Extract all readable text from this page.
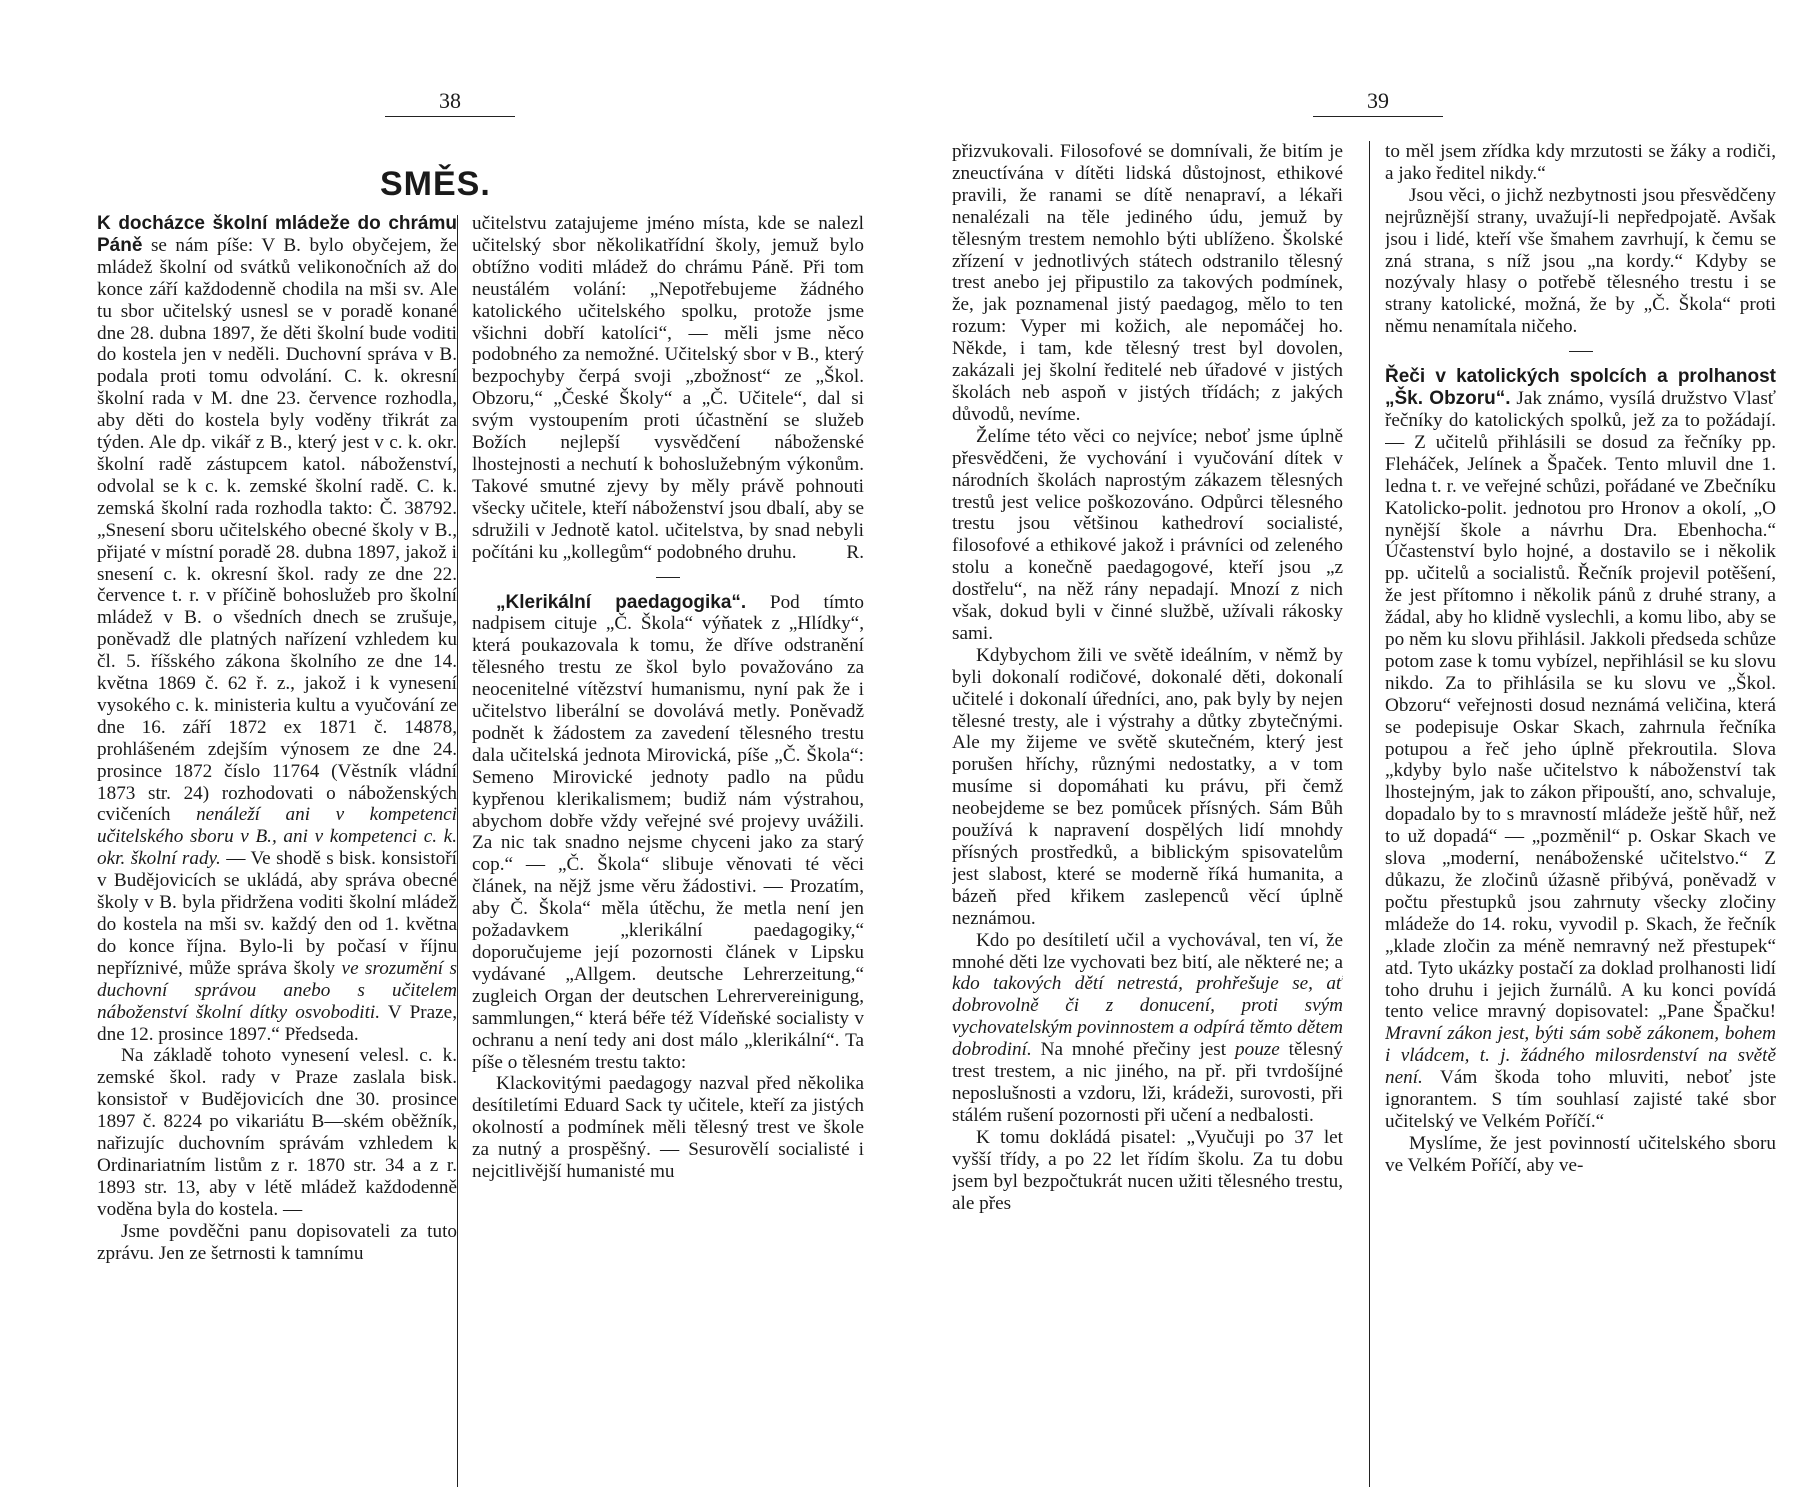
38
SMĚS.

K docházce školní mládeže do chrámu Páně se nám píše: V B. bylo obyčejem, že mládež školní od svátků velikonočních až do konce září každodenně chodila na mši sv. Ale tu sbor učitelský usnesl se v poradě konané dne 28. dubna 1897, že děti školní bude voditi do kostela jen v neděli. Duchovní správa v B. podala proti tomu odvolání. C. k. okresní školní rada v M. dne 23. července rozhodla, aby děti do kostela byly voděny třikrát za týden. Ale dp. vikář z B., který jest v c. k. okr. školní radě zástupcem katol. náboženství, odvolal se k c. k. zemské školní radě. C. k. zemská školní rada rozhodla takto: Č. 38792. „Snesení sboru učitelského obecné školy v B., přijaté v místní poradě 28. dubna 1897, jakož i snesení c. k. okresní škol. rady ze dne 22. července t. r. v příčině bohoslužeb pro školní mládež v B. o všedních dnech se zrušuje, poněvadž dle platných nařízení vzhledem ku čl. 5. říšského zákona školního ze dne 14. května 1869 č. 62 ř. z., jakož i k vynesení vysokého c. k. ministeria kultu a vyučování ze dne 16. září 1872 ex 1871 č. 14878, prohlášeném zdejším výnosem ze dne 24. prosince 1872 číslo 11764 (Věstník vládní 1873 str. 24) rozhodovati o náboženských cvičeních nenáleží ani v kompetenci učitelského sboru v B., ani v kompetenci c. k. okr. školní rady. — Ve shodě s bisk. konsistoří v Budějovicích se ukládá, aby správa obecné školy v B. byla přidržena voditi školní mládež do kostela na mši sv. každý den od 1. května do konce října. Bylo-li by počasí v říjnu nepříznivé, může správa školy ve srozumění s duchovní správou anebo s učitelem náboženství školní dítky osvoboditi. V Praze, dne 12. prosince 1897.“ Předseda.

Na základě tohoto vynesení velesl. c. k. zemské škol. rady v Praze zaslala bisk. konsistoř v Budějovicích dne 30. prosince 1897 č. 8224 po vikariátu B—ském oběžník, nařizujíc duchovním správám vzhledem k Ordinariatním listům z r. 1870 str. 34 a z r. 1893 str. 13, aby v létě mládež každodenně voděna byla do kostela. —

Jsme povděčni panu dopisovateli za tuto zprávu. Jen ze šetrnosti k tamnímu

učitelstvu zatajujeme jméno místa, kde se nalezl učitelský sbor několikatřídní školy, jemuž bylo obtížno voditi mládež do chrámu Páně. Při tom neustálém volání: „Nepotřebujeme žádného katolického učitelského spolku, protože jsme všichni dobří katolíci“, — měli jsme něco podobného za nemožné. Učitelský sbor v B., který bezpochyby čerpá svoji „zbožnost“ ze „Škol. Obzoru,“ „České Školy“ a „Č. Učitele“, dal si svým vystoupením proti účastnění se služeb Božích nejlepší vysvědčení náboženské lhostejnosti a nechutí k bohoslužebným výkonům. Takové smutné zjevy by měly právě pohnouti všecky učitele, kteří náboženství jsou dbalí, aby se sdružili v Jednotě katol. učitelstva, by snad nebyli počítáni ku „kollegům“ podobného druhu.	R.

„Klerikální paedagogika“. Pod tímto nadpisem cituje „Č. Škola“ výňatek z „Hlídky“, která poukazovala k tomu, že dříve odstranění tělesného trestu ze škol bylo považováno za neocenitelné vítězství humanismu, nyní pak že i učitelstvo liberální se dovolává metly. Poněvadž podnět k žádostem za zavedení tělesného trestu dala učitelská jednota Mirovická, píše „Č. Škola“: Semeno Mirovické jednoty padlo na půdu kypřenou klerikalismem; budiž nám výstrahou, abychom dobře vždy veřejné své projevy uvážili. Za nic tak snadno nejsme chyceni jako za starý cop.“ — „Č. Škola“ slibuje věnovati té věci článek, na nějž jsme věru žádostivi. — Prozatím, aby Č. Škola“ měla útěchu, že metla není jen požadavkem „klerikální paedagogiky,“ doporučujeme její pozornosti článek v Lipsku vydávané „Allgem. deutsche Lehrerzeitung,“ zugleich Organ der deutschen Lehrervereinigung, sammlungen,“ která béře též Vídeňské socialisty v ochranu a není tedy ani dost málo „klerikální“. Ta píše o tělesném trestu takto:

Klackovitými paedagogy nazval před několika desítiletími Eduard Sack ty učitele, kteří za jistých okolností a podmínek měli tělesný trest ve škole za nutný a prospěšný. — Sesurovělí socialisté i nejcitlivější humanisté mu

39

přizvukovali. Filosofové se domnívali, že bitím je zneuctívána v dítěti lidská důstojnost, ethikové pravili, že ranami se dítě nenapraví, a lékaři nenalézali na těle jediného údu, jemuž by tělesným trestem nemohlo býti ublíženo. Školské zřízení v jednotlivých státech odstranilo tělesný trest anebo jej připustilo za takových podmínek, že, jak poznamenal jistý paedagog, mělo to ten rozum: Vyper mi kožich, ale nepomáčej ho. Někde, i tam, kde tělesný trest byl dovolen, zakázali jej školní ředitelé neb úřadové v jistých školách neb aspoň v jistých třídách; z jakých důvodů, nevíme.

Želíme této věci co nejvíce; neboť jsme úplně přesvědčeni, že vychování i vyučování dítek v národních školách naprostým zákazem tělesných trestů jest velice poškozováno. Odpůrci tělesného trestu jsou většinou kathedroví socialisté, filosofové a ethikové jakož i právníci od zeleného stolu a konečně paedagogové, kteří jsou „z dostřelu“, na něž rány nepadají. Mnozí z nich však, dokud byli v činné službě, užívali rákosky sami.

Kdybychom žili ve světě ideálním, v němž by byli dokonalí rodičové, dokonalé děti, dokonalí učitelé i dokonalí úředníci, ano, pak byly by nejen tělesné tresty, ale i výstrahy a důtky zbytečnými. Ale my žijeme ve světě skutečném, který jest porušen hříchy, různými nedostatky, a v tom musíme si dopomáhati ku právu, při čemž neobejdeme se bez pomůcek přísných. Sám Bůh používá k napravení dospělých lidí mnohdy přísných prostředků, a biblickým spisovatelům jest slabost, které se moderně říká humanita, a bázeň před křikem zaslepenců věcí úplně neznámou.

Kdo po desítiletí učil a vychovával, ten ví, že mnohé děti lze vychovati bez bití, ale některé ne; a kdo takových dětí netrestá, prohřešuje se, ať dobrovolně či z donucení, proti svým vychovatelským povinnostem a odpírá těmto dětem dobrodiní. Na mnohé přečiny jest pouze tělesný trest trestem, a nic jiného, na př. při tvrdošíjné neposlušnosti a vzdoru, lži, krádeži, surovosti, při stálém rušení pozornosti při učení a nedbalosti.

K tomu dokládá pisatel: „Vyučuji po 37 let vyšší třídy, a po 22 let řídím školu. Za tu dobu jsem byl bezpočtukrát nucen užiti tělesného trestu, ale přes

to měl jsem zřídka kdy mrzutosti se žáky a rodiči, a jako ředitel nikdy.“

Jsou věci, o jichž nezbytnosti jsou přesvědčeny nejrůznější strany, uvažují-li nepředpojatě. Avšak jsou i lidé, kteří vše šmahem zavrhují, k čemu se zná strana, s níž jsou „na kordy.“ Kdyby se nozývaly hlasy o potřebě tělesného trestu i se strany katolické, možná, že by „Č. Škola“ proti němu nenamítala ničeho.

Řeči v katolických spolcích a prolhanost „Šk. Obzoru“. Jak známo, vysílá družstvo Vlasť řečníky do katolických spolků, jež za to požádají. — Z učitelů přihlásili se dosud za řečníky pp. Fleháček, Jelínek a Špaček. Tento mluvil dne 1. ledna t. r. ve veřejné schůzi, pořádané ve Zbečníku Katolicko-polit. jednotou pro Hronov a okolí, „O nynější škole a návrhu Dra. Ebenhocha.“ Účastenství bylo hojné, a dostavilo se i několik pp. učitelů a socialistů. Řečník projevil potěšení, že jest přítomno i několik pánů z druhé strany, a žádal, aby ho klidně vyslechli, a komu libo, aby se po něm ku slovu přihlásil. Jakkoli předseda schůze potom zase k tomu vybízel, nepřihlásil se ku slovu nikdo. Za to přihlásila se ku slovu ve „Škol. Obzoru“ veřejnosti dosud neznámá veličina, která se podepisuje Oskar Skach, zahrnula řečníka potupou a řeč jeho úplně překroutila. Slova „kdyby bylo naše učitelstvo k náboženství tak lhostejným, jak to zákon připouští, ano, schvaluje, dopadalo by to s mravností mládeže ještě hůř, než to už dopadá“ — „pozměnil“ p. Oskar Skach ve slova „moderní, nenáboženské učitelstvo.“ Z důkazu, že zločinů úžasně přibývá, poněvadž v počtu přestupků jsou zahrnuty všecky zločiny mládeže do 14. roku, vyvodil p. Skach, že řečník „klade zločin za méně nemravný než přestupek“ atd. Tyto ukázky postačí za doklad prolhanosti lidí toho druhu i jejich žurnálů. A ku konci povídá tento velice mravný dopisovatel: „Pane Špačku! Mravní zákon jest, býti sám sobě zákonem, bohem i vládcem, t. j. žádného milosrdenství na světě není. Vám škoda toho mluviti, neboť jste ignorantem. S tím souhlasí zajisté také sbor učitelský ve Velkém Poříčí.“

Myslíme, že jest povinností učitelského sboru ve Velkém Poříčí, aby ve-
